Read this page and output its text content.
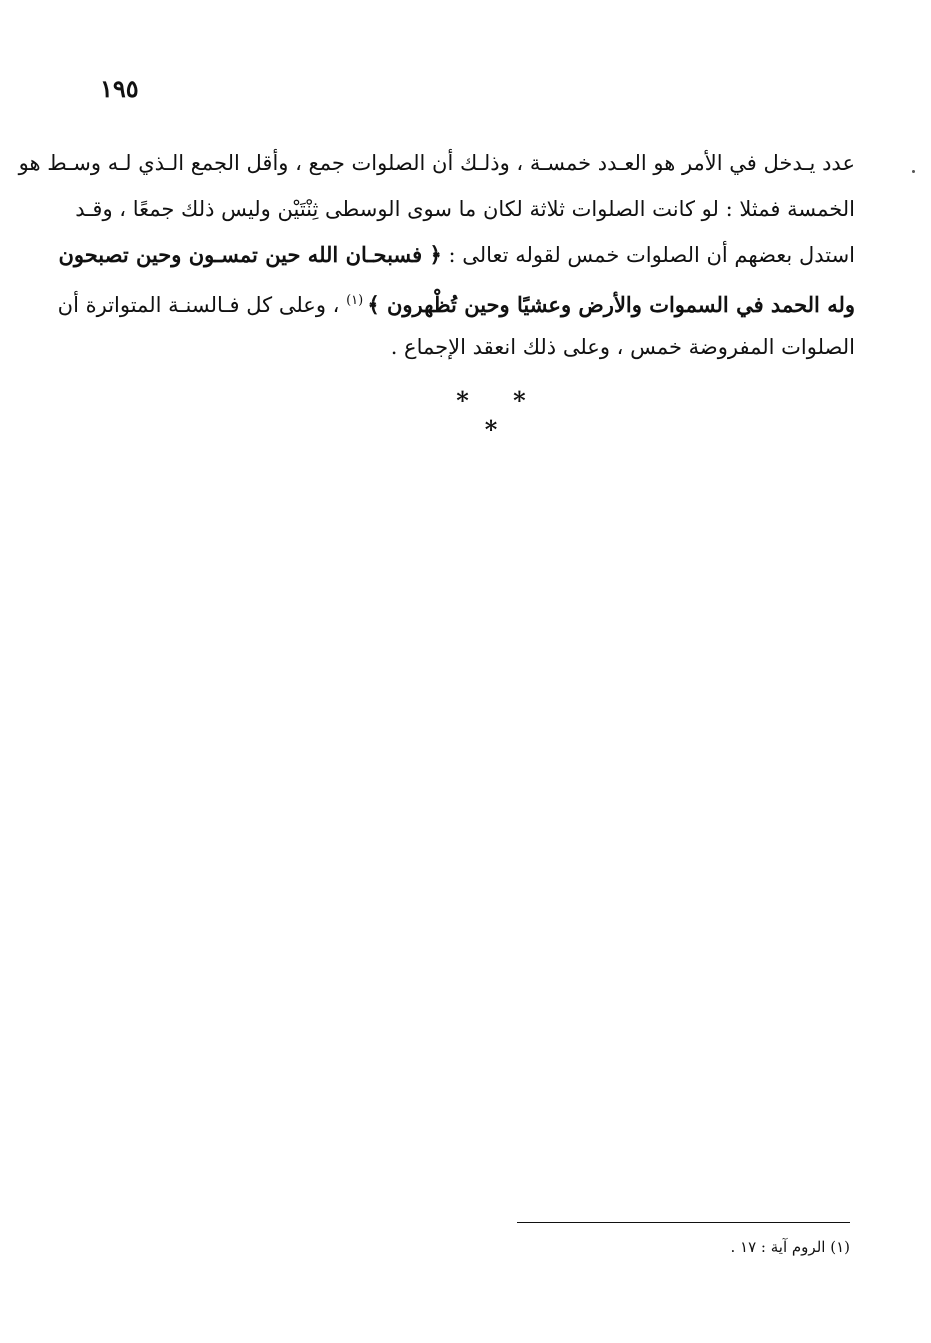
١٩٥
عدد يـدخل في الأمر هو العـدد خمسـة ، وذلـك أن الصلوات جمع ، وأقل الجمع الـذي لـه وسـط هو
الخمسة فمثلا : لو كانت الصلوات ثلاثة لكان ما سوى الوسطى ثِنْتَيْن وليس ذلك جمعًا ، وقـد
استدل بعضهم أن الصلوات خمس لقوله تعالى : ﴿ فسبحـان الله حين تمسـون وحين تصبحون
وله الحمد في السموات والأرض وعشيًا وحين تُظْهرون ﴾ $^{(١)}$ ، وعلى كل فـالسنـة المتواترة أن
الصلوات المفروضة خمس ، وعلى ذلك انعقد الإجماع .
* * *
(١) الروم آية : ١٧ .
